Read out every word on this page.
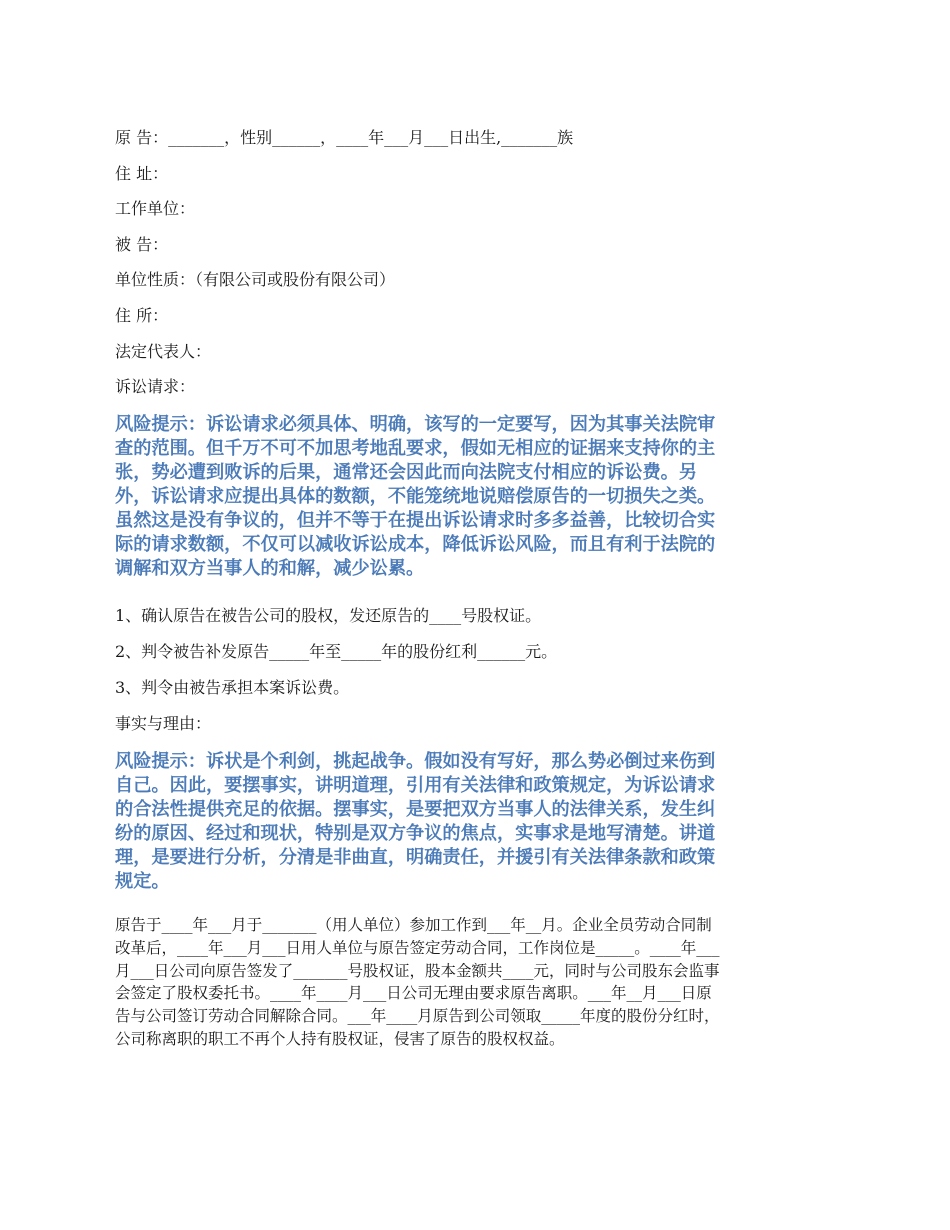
原 告：_______，性别______，____年___月___日出生,_______族
住 址：
工作单位：
被 告：
单位性质：（有限公司或股份有限公司）
住 所：
法定代表人：
诉讼请求：
风险提示：诉讼请求必须具体、明确，该写的一定要写，因为其事关法院审
查的范围。但千万不可不加思考地乱要求，假如无相应的证据来支持你的主
张，势必遭到败诉的后果，通常还会因此而向法院支付相应的诉讼费。另
外，诉讼请求应提出具体的数额，不能笼统地说赔偿原告的一切损失之类。
虽然这是没有争议的，但并不等于在提出诉讼请求时多多益善，比较切合实
际的请求数额，不仅可以减收诉讼成本，降低诉讼风险，而且有利于法院的
调解和双方当事人的和解，减少讼累。
1、确认原告在被告公司的股权，发还原告的____号股权证。
2、判令被告补发原告_____年至_____年的股份红利______元。
3、判令由被告承担本案诉讼费。
事实与理由：
风险提示：诉状是个利剑，挑起战争。假如没有写好，那么势必倒过来伤到
自己。因此，要摆事实，讲明道理，引用有关法律和政策规定，为诉讼请求
的合法性提供充足的依据。摆事实，是要把双方当事人的法律关系，发生纠
纷的原因、经过和现状，特别是双方争议的焦点，实事求是地写清楚。讲道
理，是要进行分析，分清是非曲直，明确责任，并援引有关法律条款和政策
规定。
原告于____年___月于_______（用人单位）参加工作到___年__月。企业全员劳动合同制
改革后，____年___月___日用人单位与原告签定劳动合同，工作岗位是_____。____年___
月___日公司向原告签发了_______号股权证，股本金额共____元，同时与公司股东会监事
会签定了股权委托书。____年____月___日公司无理由要求原告离职。___年__月___日原
告与公司签订劳动合同解除合同。___年____月原告到公司领取_____年度的股份分红时，
公司称离职的职工不再个人持有股权证，侵害了原告的股权权益。
